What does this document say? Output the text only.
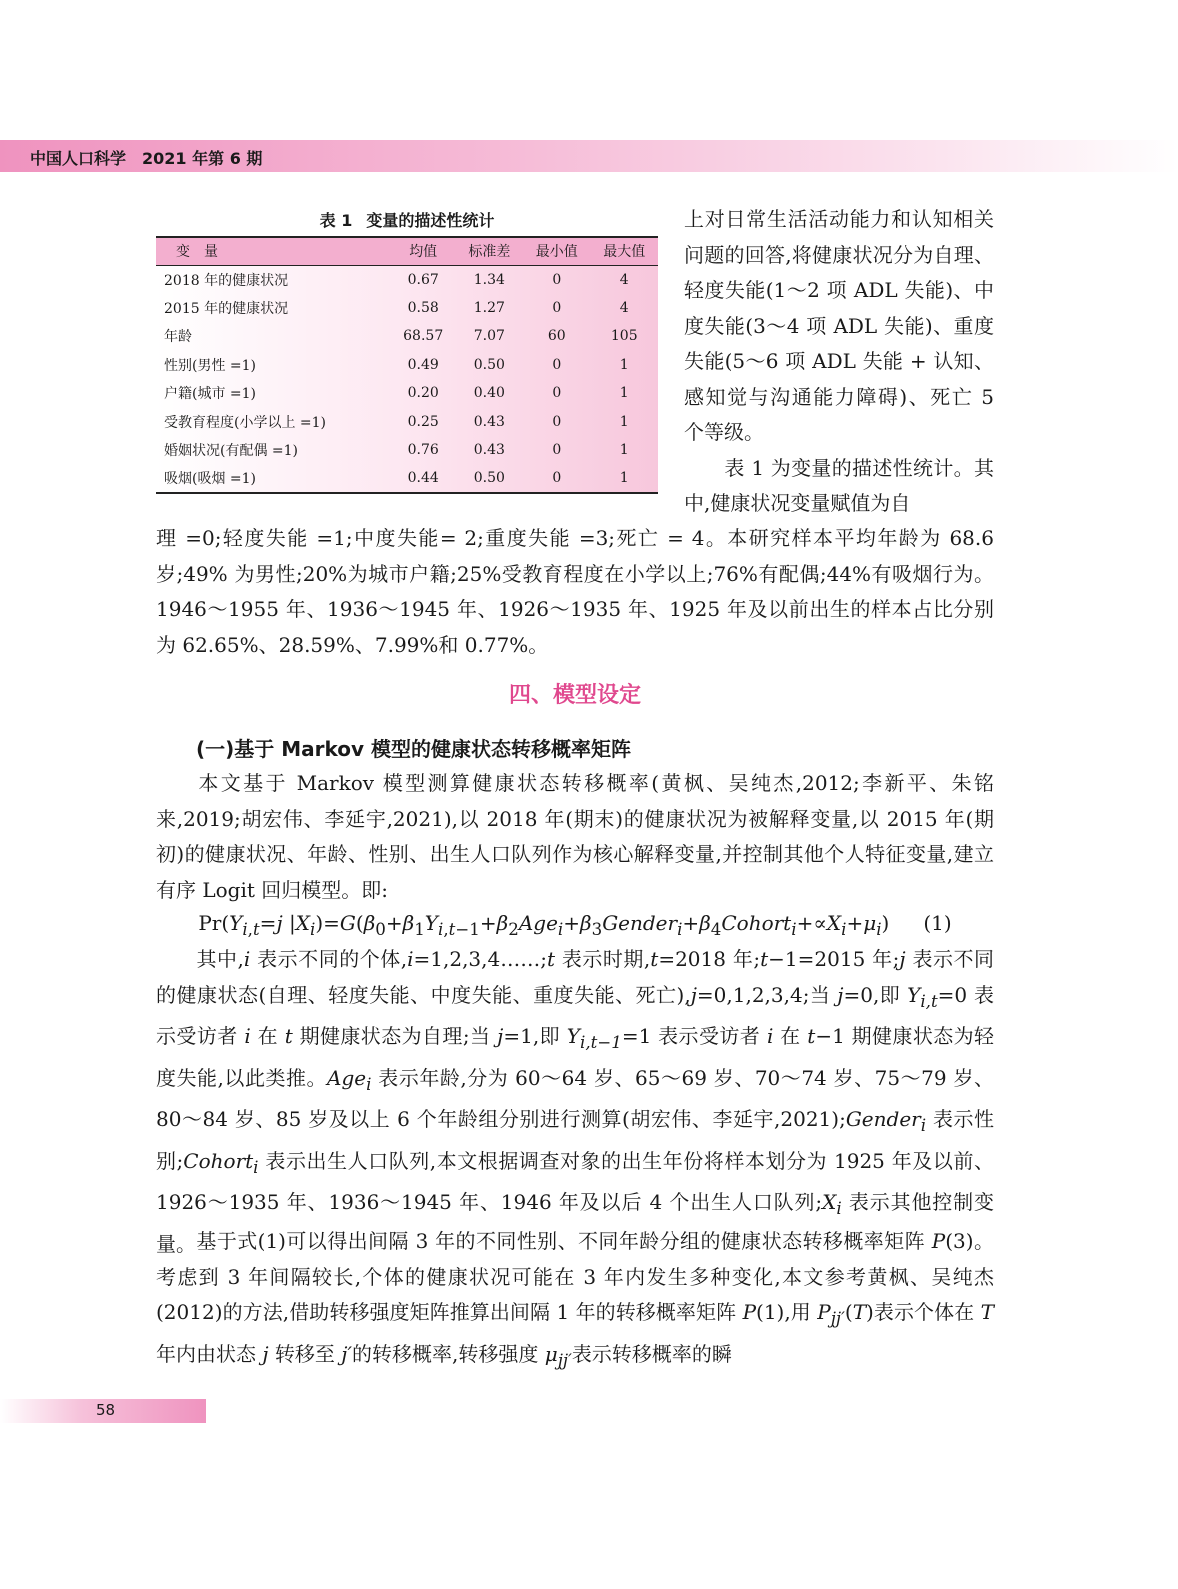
中国人口科学 2021 年第 6 期
表 1 变量的描述性统计
变量	均值	标准差	最小值	最大值
2018 年的健康状况	0.67	1.34	0	4
2015 年的健康状况	0.58	1.27	0	4
年龄	68.57	7.07	60	105
性别(男性 =1)	0.49	0.50	0	1
户籍(城市 =1)	0.20	0.40	0	1
受教育程度(小学以上 =1)	0.25	0.43	0	1
婚姻状况(有配偶 =1)	0.76	0.43	0	1
吸烟(吸烟 =1)	0.44	0.50	0	1
上对日常生活活动能力和认知相关问题的回答,将健康状况分为自理、轻度失能(1～2 项 ADL 失能)、中度失能(3～4 项 ADL 失能)、重度失能(5～6 项 ADL 失能 + 认知、感知觉与沟通能力障碍)、死亡 5 个等级。
表 1 为变量的描述性统计。其中,健康状况变量赋值为自
理 =0;轻度失能 =1;中度失能= 2;重度失能 =3;死亡 = 4。本研究样本平均年龄为 68.6 岁;49% 为男性;20%为城市户籍;25%受教育程度在小学以上;76%有配偶;44%有吸烟行为。1946～1955 年、1936～1945 年、1926～1935 年、1925 年及以前出生的样本占比分别为 62.65%、28.59%、7.99%和 0.77%。
四、模型设定
(一)基于 Markov 模型的健康状态转移概率矩阵
本文基于 Markov 模型测算健康状态转移概率(黄枫、吴纯杰,2012;李新平、朱铭来,2019;胡宏伟、李延宇,2021),以 2018 年(期末)的健康状况为被解释变量,以 2015 年(期初)的健康状况、年龄、性别、出生人口队列作为核心解释变量,并控制其他个人特征变量,建立有序 Logit 回归模型。即:
$Pr(Y_{i,t}=j$ $|X_i)=G(\beta_0+\beta_1Y_{i,t-1}+\beta_2Age_i+\beta_3Gender_i+\beta_4Cohort_i+\propto X_i+\mu_i)$ (1)
其中,i 表示不同的个体,i=1,2,3,4……;t 表示时期,t=2018 年;t−1=2015 年;j 表示不同的健康状态(自理、轻度失能、中度失能、重度失能、死亡),j=0,1,2,3,4;当 j=0,即 $Y_{i,t}=0$ 表示受访者 i 在 t 期健康状态为自理;当 j=1,即 $Y_{i,t-1}=1$ 表示受访者 i 在 t−1 期健康状态为轻度失能,以此类推。Age$_i$ 表示年龄,分为 60～64 岁、65～69 岁、70～74 岁、75～79 岁、80～84 岁、85 岁及以上 6 个年龄组分别进行测算(胡宏伟、李延宇,2021);Gender$_i$ 表示性别;Cohort$_i$ 表示出生人口队列,本文根据调查对象的出生年份将样本划分为 1925 年及以前、1926～1935 年、1936～1945 年、1946 年及以后 4 个出生人口队列$;X_i$ 表示其他控制变量。 基于式(1)可以得出间隔 3 年的不同性别、不同年龄分组的健康状态转移概率矩阵 P(3)。考虑到 3 年间隔较长,个体的健康状况可能在 3 年内发生多种变化,本文参考黄枫、吴纯杰(2012)的方法,借助转移强度矩阵推算出间隔 1 年的转移概率矩阵 P(1),用 $P_{jj'}(T)$表示个体在 T 年内由状态 j 转移至 j′的转移概率,转移强度 $\mu_{jj'}$表示转移概率的瞬
58
